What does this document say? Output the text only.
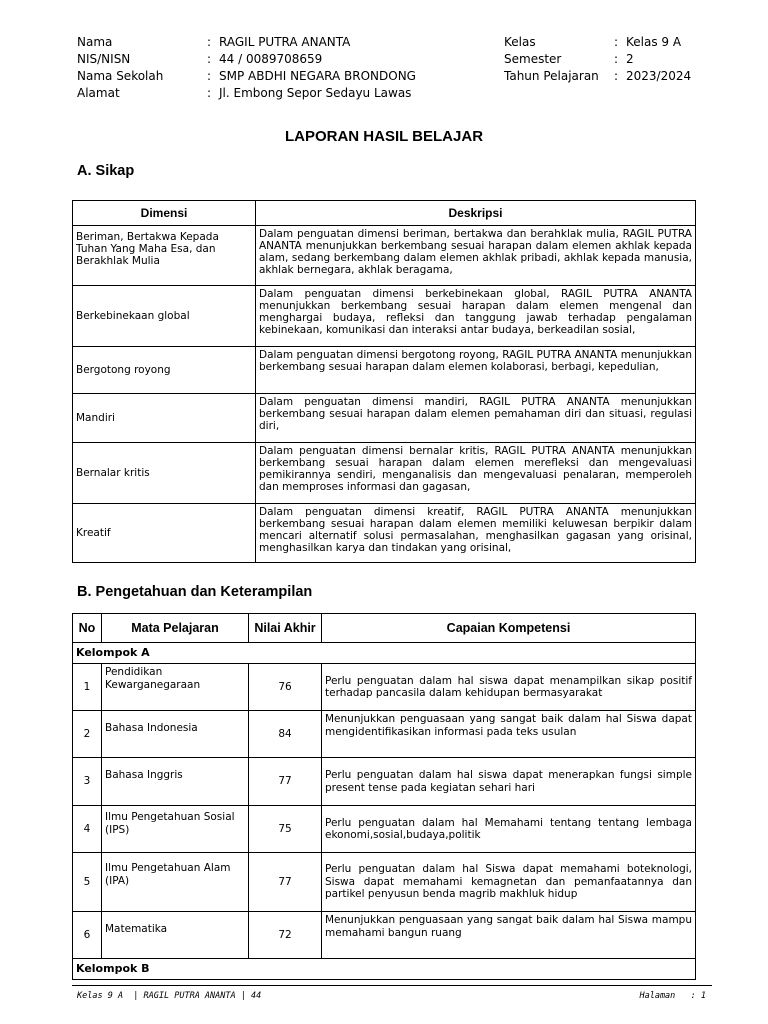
Nama	: RAGIL PUTRA ANANTA
NIS/NISN	: 44 / 0089708659
Nama Sekolah	: SMP ABDHI NEGARA BRONDONG
Alamat	: Jl. Embong Sepor Sedayu Lawas
Kelas	: Kelas 9 A
Semester	: 2
Tahun Pelajaran	: 2023/2024
LAPORAN HASIL BELAJAR
A. Sikap
Dimensi	Deskripsi
Beriman, Bertakwa Kepada Tuhan Yang Maha Esa, dan Berakhlak Mulia	Dalam penguatan dimensi beriman, bertakwa dan berahklak mulia, RAGIL PUTRA ANANTA menunjukkan berkembang sesuai harapan dalam elemen akhlak kepada alam, sedang berkembang dalam elemen akhlak pribadi, akhlak kepada manusia, akhlak bernegara, akhlak beragama,
Berkebinekaan global	Dalam penguatan dimensi berkebinekaan global, RAGIL PUTRA ANANTA menunjukkan berkembang sesuai harapan dalam elemen mengenal dan menghargai budaya, refleksi dan tanggung jawab terhadap pengalaman kebinekaan, komunikasi dan interaksi antar budaya, berkeadilan sosial,
Bergotong royong	Dalam penguatan dimensi bergotong royong, RAGIL PUTRA ANANTA menunjukkan berkembang sesuai harapan dalam elemen kolaborasi, berbagi, kepedulian,
Mandiri	Dalam penguatan dimensi mandiri, RAGIL PUTRA ANANTA menunjukkan berkembang sesuai harapan dalam elemen pemahaman diri dan situasi, regulasi diri,
Bernalar kritis	Dalam penguatan dimensi bernalar kritis, RAGIL PUTRA ANANTA menunjukkan berkembang sesuai harapan dalam elemen merefleksi dan mengevaluasi pemikirannya sendiri, menganalisis dan mengevaluasi penalaran, memperoleh dan memproses informasi dan gagasan,
Kreatif	Dalam penguatan dimensi kreatif, RAGIL PUTRA ANANTA menunjukkan berkembang sesuai harapan dalam elemen memiliki keluwesan berpikir dalam mencari alternatif solusi permasalahan, menghasilkan gagasan yang orisinal, menghasilkan karya dan tindakan yang orisinal,
B. Pengetahuan dan Keterampilan
No	Mata Pelajaran	Nilai Akhir	Capaian Kompetensi
Kelompok A			
1	Pendidikan Kewarganegaraan	76	Perlu penguatan dalam hal siswa dapat menampilkan sikap positif terhadap pancasila dalam kehidupan bermasyarakat
2	Bahasa Indonesia	84	Menunjukkan penguasaan yang sangat baik dalam hal Siswa dapat mengidentifikasikan informasi pada teks usulan
3	Bahasa Inggris	77	Perlu penguatan dalam hal siswa dapat menerapkan fungsi simple present tense pada kegiatan sehari hari
4	Ilmu Pengetahuan Sosial (IPS)	75	Perlu penguatan dalam hal Memahami tentang tentang lembaga ekonomi,sosial,budaya,politik
5	Ilmu Pengetahuan Alam (IPA)	77	Perlu penguatan dalam hal Siswa dapat memahami boteknologi, Siswa dapat memahami kemagnetan dan pemanfaatannya dan partikel penyusun benda magrib makhluk hidup
6	Matematika	72	Menunjukkan penguasaan yang sangat baik dalam hal Siswa mampu memahami bangun ruang
Kelompok B			
Kelas 9 A  | RAGIL PUTRA ANANTA | 44	Halaman   : 1
